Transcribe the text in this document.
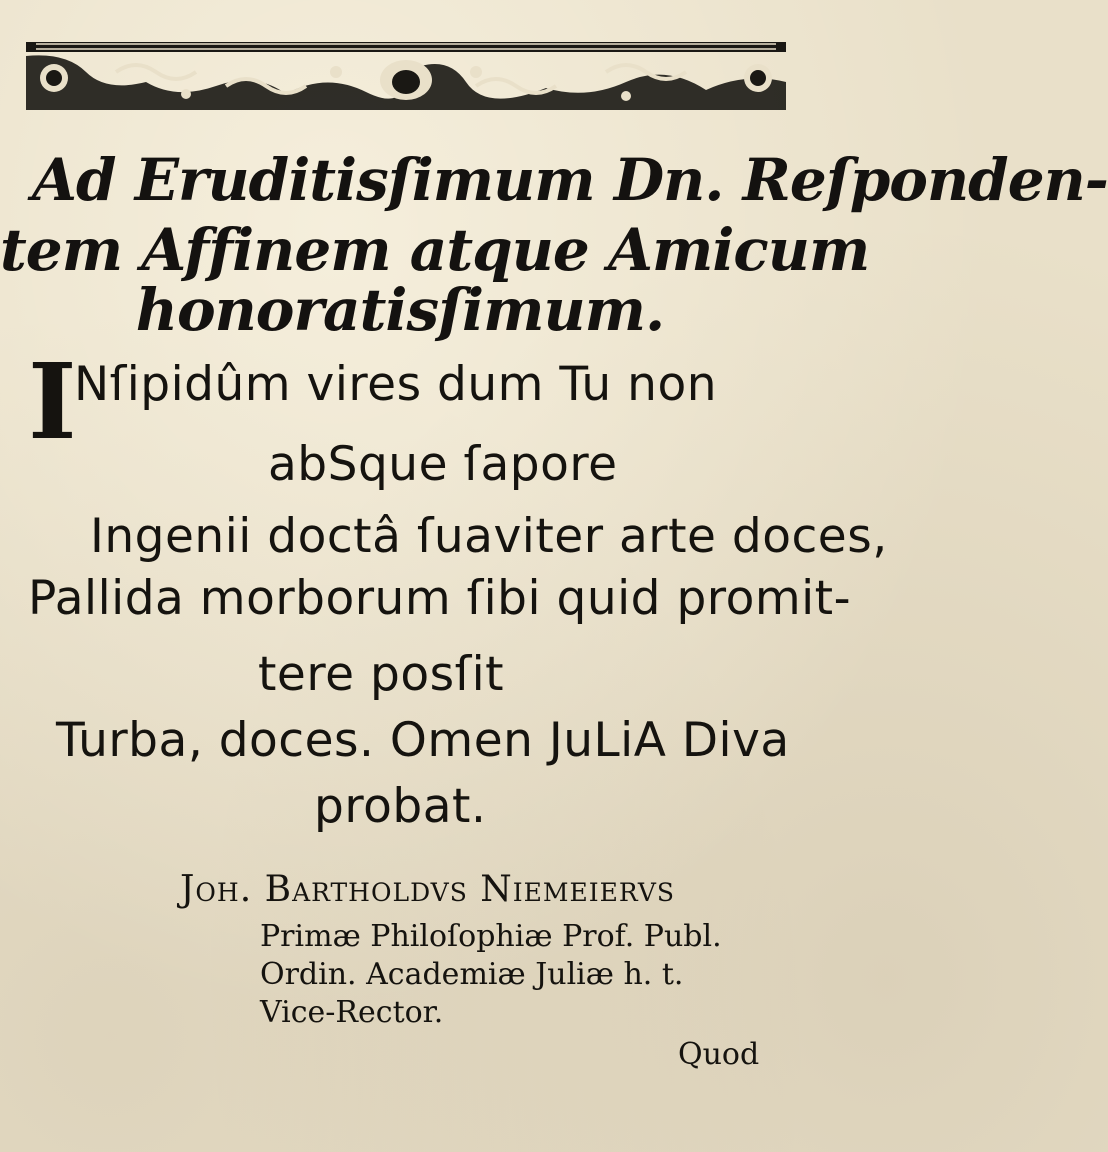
Ad Eruditisſimum Dn. Reſponden-
tem Affinem atque Amicum
honoratisſimum.
I
Nſipidûm vires dum Tu non
abSque ſapore
Ingenii doctâ ſuaviter arte doces,
Pallida morborum ſibi quid promit-
tere posſit
Turba, doces. Omen JuLiA Diva
probat.
Joh. Bartholdvs Niemeiervs
Primæ Philoſophiæ Prof. Publ.
Ordin. Academiæ Juliæ h. t.
Vice-Rector.
Quod
